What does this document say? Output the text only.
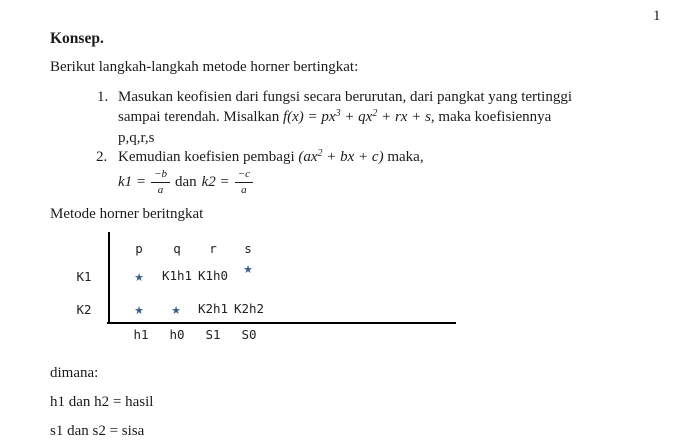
1
Konsep.
Berikut langkah-langkah metode horner bertingkat:
1. Masukan keofisien dari fungsi secara berurutan, dari pangkat yang tertinggi
sampai terendah. Misalkan $f(x) = px^3 + qx^2$ + rx + s, maka koefisiennya
p,q,r,s
2. Kemudian koefisien pembagi ($ax^2$ + bx + c) maka,
$k1 = \frac{-b}{a}$ dan $k2 = \frac{-c}{a}$
Metode horner beritngkat
p q r s
K1
K2
★ K1h1 K1h0 ★
★ ★ K2h1 K2h2
h1 h0 S1 S0
dimana:
h1 dan h2 = hasil
s1 dan s2 = sisa
